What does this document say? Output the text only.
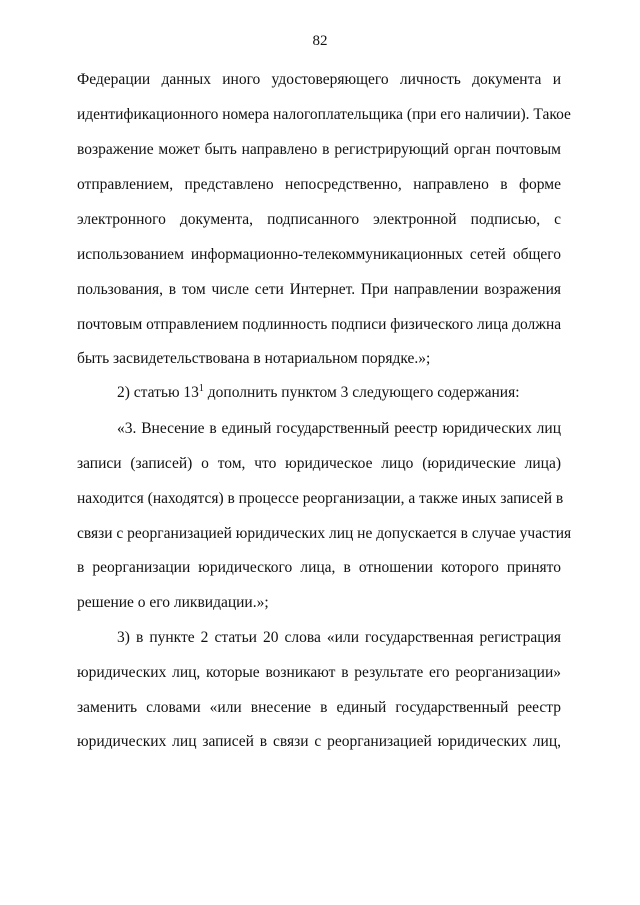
82
Федерации данных иного удостоверяющего личность документа и
идентификационного номера налогоплательщика (при его наличии). Такое
возражение может быть направлено в регистрирующий орган почтовым
отправлением, представлено непосредственно, направлено в форме
электронного документа, подписанного электронной подписью, с
использованием информационно-телекоммуникационных сетей общего
пользования, в том числе сети Интернет. При направлении возражения
почтовым отправлением подлинность подписи физического лица должна
быть засвидетельствована в нотариальном порядке.»;
2) статью $13^1$ дополнить пунктом 3 следующего содержания:
«3. Внесение в единый государственный реестр юридических лиц
записи (записей) о том, что юридическое лицо (юридические лица)
находится (находятся) в процессе реорганизации, а также иных записей в
связи с реорганизацией юридических лиц не допускается в случае участия
в реорганизации юридического лица, в отношении которого принято
решение о его ликвидации.»;
3) в пункте 2 статьи 20 слова «или государственная регистрация
юридических лиц, которые возникают в результате его реорганизации»
заменить словами «или внесение в единый государственный реестр
юридических лиц записей в связи с реорганизацией юридических лиц,
